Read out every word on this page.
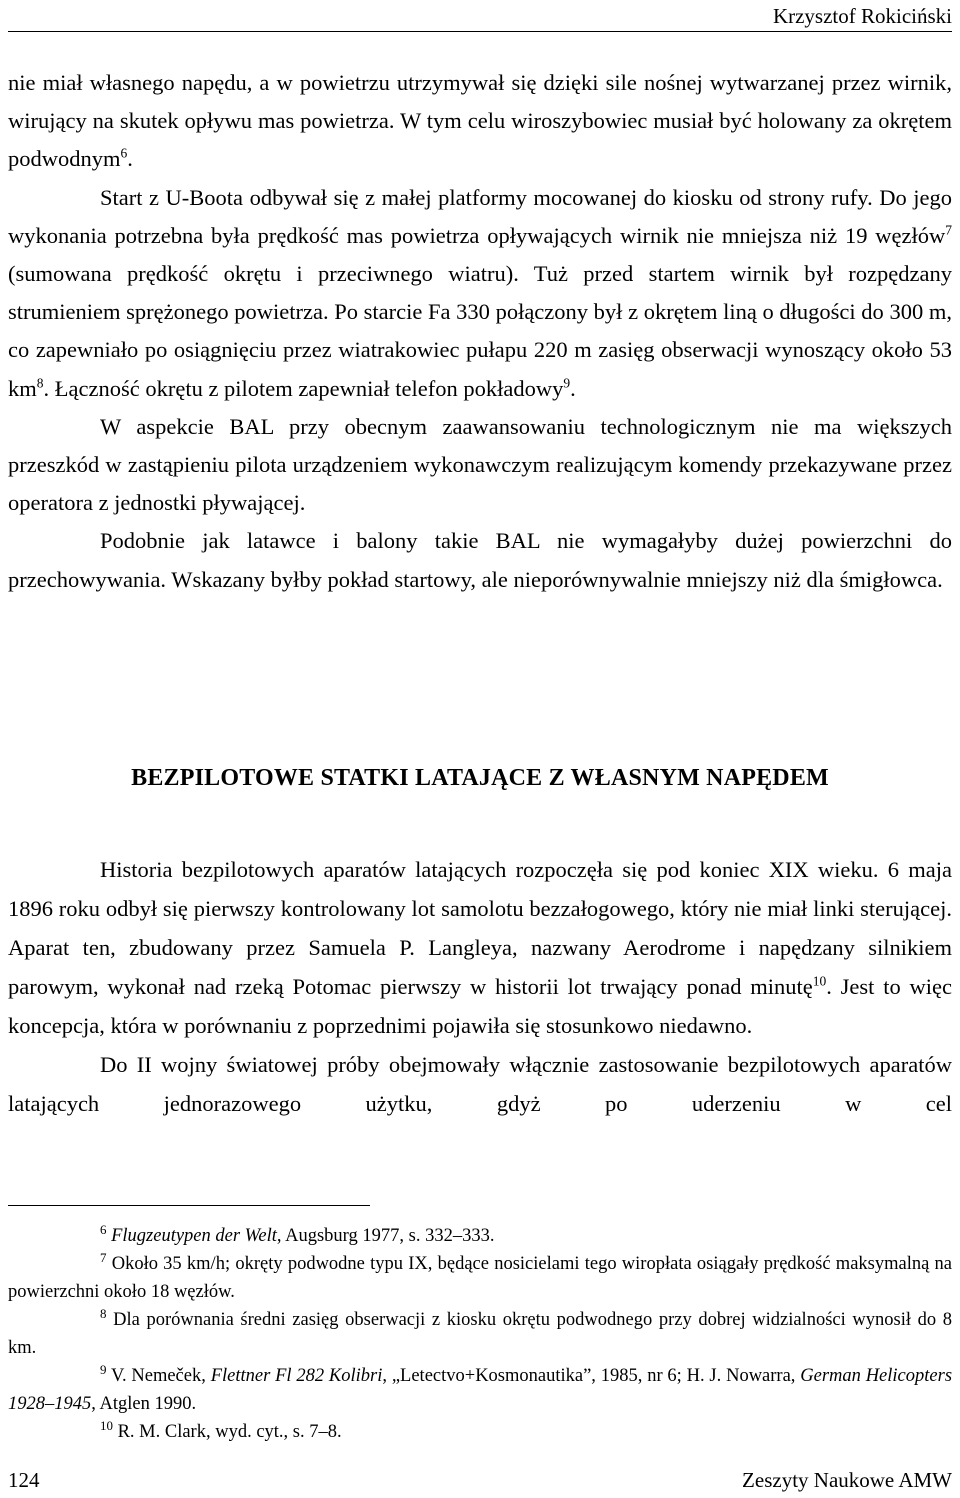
Krzysztof Rokiciński

nie miał własnego napędu, a w powietrzu utrzymywał się dzięki sile nośnej wytwarzanej przez wirnik, wirujący na skutek opływu mas powietrza. W tym celu wiroszybowiec musiał być holowany za okrętem podwodnym$^6$.

Start z U-Boota odbywał się z małej platformy mocowanej do kiosku od strony rufy. Do jego wykonania potrzebna była prędkość mas powietrza opływających wirnik nie mniejsza niż 19 węzłów$^7$ (sumowana prędkość okrętu i przeciwnego wiatru). Tuż przed startem wirnik był rozpędzany strumieniem sprężonego powietrza. Po starcie Fa 330 połączony był z okrętem liną o długości do 300 m, co zapewniało po osiągnięciu przez wiatrakowiec pułapu 220 m zasięg obserwacji wynoszący około 53 $km^8$. Łączność okrętu z pilotem zapewniał telefon pokładowy$^9$.

W aspekcie BAL przy obecnym zaawansowaniu technologicznym nie ma większych przeszkód w zastąpieniu pilota urządzeniem wykonawczym realizującym komendy przekazywane przez operatora z jednostki pływającej.

Podobnie jak latawce i balony takie BAL nie wymagałyby dużej powierzchni do przechowywania. Wskazany byłby pokład startowy, ale nieporównywalnie mniejszy niż dla śmigłowca.

BEZPILOTOWE STATKI LATAJĄCE Z WŁASNYM NAPĘDEM

Historia bezpilotowych aparatów latających rozpoczęła się pod koniec XIX wieku. 6 maja 1896 roku odbył się pierwszy kontrolowany lot samolotu bezzałogowego, który nie miał linki sterującej. Aparat ten, zbudowany przez Samuela P. Langleya, nazwany Aerodrome i napędzany silnikiem parowym, wykonał nad rzeką Potomac pierwszy w historii lot trwający ponad minutę$^{10}$. Jest to więc koncepcja, która w porównaniu z poprzednimi pojawiła się stosunkowo niedawno.

Do II wojny światowej próby obejmowały włącznie zastosowanie bezpilotowych aparatów latających jednorazowego użytku, gdyż po uderzeniu w cel

$^6$ Flugzeutypen der Welt, Augsburg 1977, s. 332–333.

$^7$ Około 35 km/h; okręty podwodne typu IX, będące nosicielami tego wiropłata osiągały prędkość maksymalną na powierzchni około 18 węzłów.

$^8$ Dla porównania średni zasięg obserwacji z kiosku okrętu podwodnego przy dobrej widzialności wynosił do 8 km.

$^9$ V. Nemeček, Flettner Fl 282 Kolibri, „Letectvo+Kosmonautika”, 1985, nr 6; H. J. Nowarra, German Helicopters 1928–1945, Atglen 1990.

$^{10}$ R. M. Clark, wyd. cyt., s. 7–8.

124	Zeszyty Naukowe AMW
